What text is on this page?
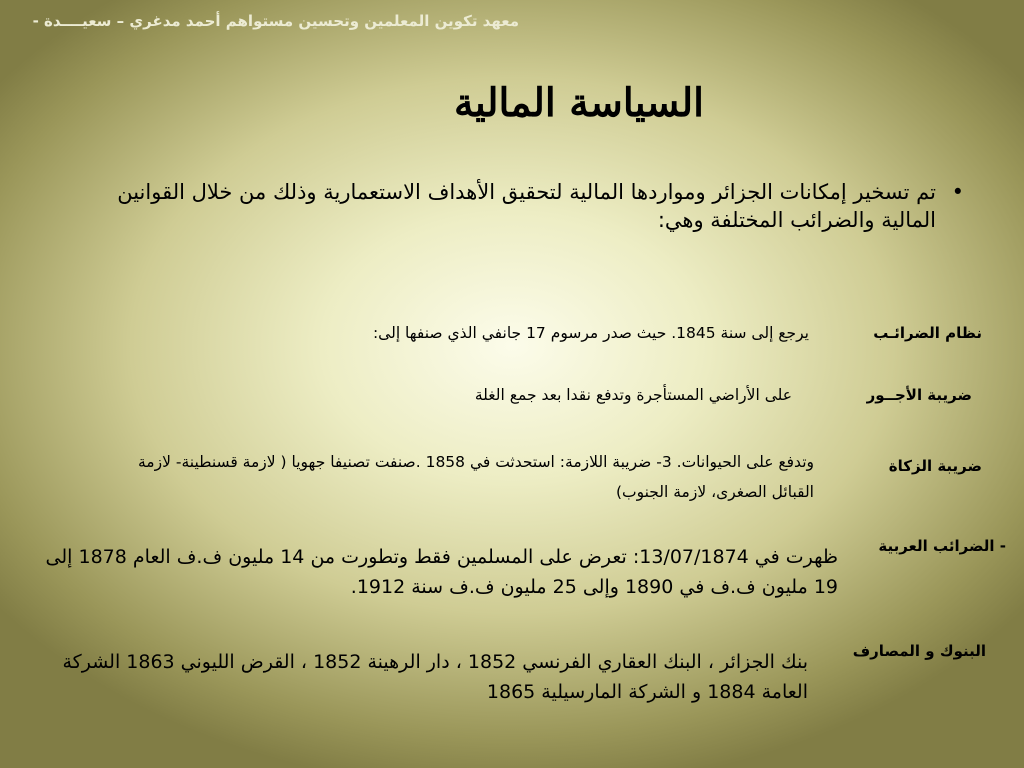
معهد تكوين المعلمين وتحسين مستواهم أحمد مدغري – سعيــــدة -
السياسة المالية
•
تم تسخير إمكانات الجزائر ومواردها المالية لتحقيق الأهداف الاستعمارية وذلك من خلال القوانين المالية والضرائب المختلفة وهي:
نظام الضرائـب
يرجع إلى سنة 1845. حيث صدر مرسوم 17 جانفي الذي صنفها إلى:
ضريبة الأجــور
على الأراضي المستأجرة وتدفع نقدا بعد جمع الغلة
ضريبة الزكاة
وتدفع على الحيوانات. 3- ضريبة اللازمة: استحدثت في 1858 .صنفت تصنيفا جهويا ( لازمة قسنطينة- لازمة القبائل الصغرى، لازمة الجنوب)
- الضرائب العربية
ظهرت في 13/07/1874: تعرض على المسلمين فقط وتطورت من 14 مليون ف.ف العام 1878 إلى 19 مليون ف.ف في 1890 وإلى 25 مليون ف.ف سنة 1912.
البنوك و المصارف
بنك الجزائر ، البنك العقاري الفرنسي 1852 ، دار الرهينة 1852 ، القرض الليوني 1863 الشركة العامة 1884 و الشركة المارسيلية 1865
